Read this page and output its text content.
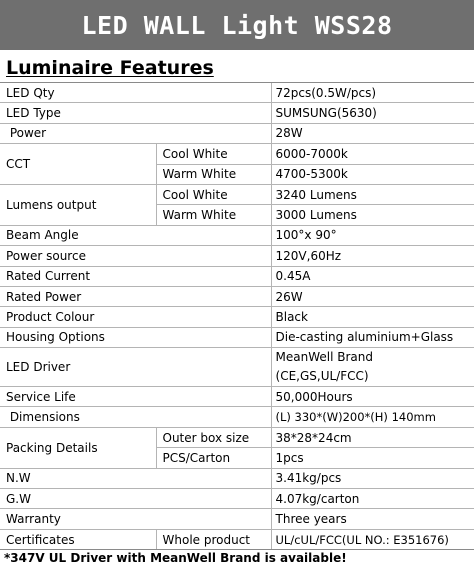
LED WALL Light WSS28
Luminaire Features
LED Qty		72pcs(0.5W/pcs)
LED Type		SUMSUNG(5630)
Power		28W
CCT	Cool White	6000-7000k
	Warm White	4700-5300k
Lumens output	Cool White	3240 Lumens
	Warm White	3000 Lumens
Beam Angle		100°x 90°
Power source		120V,60Hz
Rated Current		0.45A
Rated Power		26W
Product Colour		Black
Housing Options		Die-casting aluminium+Glass
LED Driver		MeanWell Brand
(CE,GS,UL/FCC)
Service Life		50,000Hours
Dimensions		(L) 330*(W)200*(H) 140mm
Packing Details	Outer box size	38*28*24cm
	PCS/Carton	1pcs
N.W		3.41kg/pcs
G.W		4.07kg/carton
Warranty		Three years
Certificates	Whole product	UL/cUL/FCC(UL NO.: E351676)
*347V UL Driver with MeanWell Brand is available!
